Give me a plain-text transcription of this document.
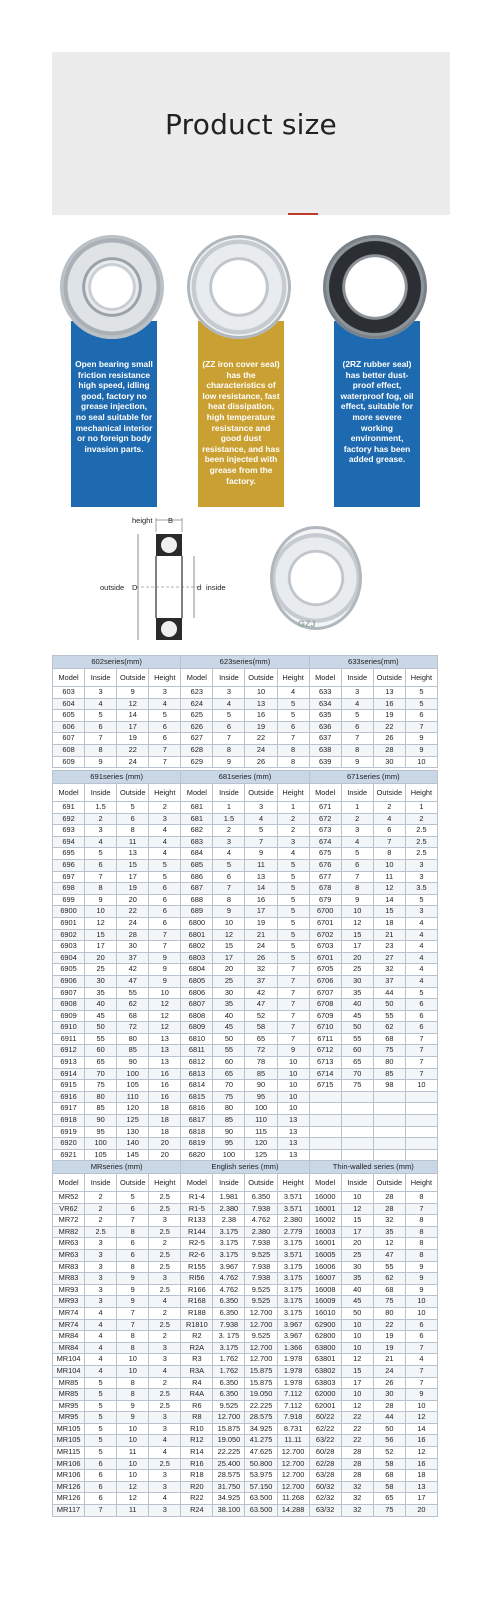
Product size

Open bearing small friction resistance high speed, idling good, factory no grease injection, no seal suitable for mechanical interior or no foreign body invasion parts.

(ZZ iron cover seal) has the characteristics of low resistance, fast heat dissipation, high temperature resistance and good dust resistance, and has been injected with grease from the factory.

(2RZ rubber seal) has better dust-proof effect, waterproof fog, oil effect, suitable for more severe working environment, factory has been added grease.

height B
outside D	d inside
GZJ
602series(mm)				623series(mm)				633series(mm)			
Model	Inside	Outside	Height	Model	Inside	Outside	Height	Model	Inside	Outside	Height
603	3	9	3	623	3	10	4	633	3	13	5
604	4	12	4	624	4	13	5	634	4	16	5
605	5	14	5	625	5	16	5	635	5	19	6
606	6	17	6	626	6	19	6	636	6	22	7
607	7	19	6	627	7	22	7	637	7	26	9
608	8	22	7	628	8	24	8	638	8	28	9
609	9	24	7	629	9	26	8	639	9	30	10
691series (mm)				681series (mm)				671series (mm)			
Model	Inside	Outside	Height	Model	Inside	Outside	Height	Model	Inside	Outside	Height
691	1.5	5	2	681	1	3	1	671	1	2	1
692	2	6	3	681	1.5	4	2	672	2	4	2
693	3	8	4	682	2	5	2	673	3	6	2.5
694	4	11	4	683	3	7	3	674	4	7	2.5
695	5	13	4	684	4	9	4	675	5	8	2.5
696	6	15	5	685	5	11	5	676	6	10	3
697	7	17	5	686	6	13	5	677	7	11	3
698	8	19	6	687	7	14	5	678	8	12	3.5
699	9	20	6	688	8	16	5	679	9	14	5
6900	10	22	6	689	9	17	5	6700	10	15	3
6901	12	24	6	6800	10	19	5	6701	12	18	4
6902	15	28	7	6801	12	21	5	6702	15	21	4
6903	17	30	7	6802	15	24	5	6703	17	23	4
6904	20	37	9	6803	17	26	5	6701	20	27	4
6905	25	42	9	6804	20	32	7	6705	25	32	4
6906	30	47	9	6805	25	37	7	6706	30	37	4
6907	35	55	10	6806	30	42	7	6707	35	44	5
6908	40	62	12	6807	35	47	7	6708	40	50	6
6909	45	68	12	6808	40	52	7	6709	45	55	6
6910	50	72	12	6809	45	58	7	6710	50	62	6
6911	55	80	13	6810	50	65	7	6711	55	68	7
6912	60	85	13	6811	55	72	9	6712	60	75	7
6913	65	90	13	6812	60	78	10	6713	65	80	7
6914	70	100	16	6813	65	85	10	6714	70	85	7
6915	75	105	16	6814	70	90	10	6715	75	98	10
6916	80	110	16	6815	75	95	10				
6917	85	120	18	6816	80	100	10				
6918	90	125	18	6817	85	110	13				
6919	95	130	18	6818	90	115	13				
6920	100	140	20	6819	95	120	13				
6921	105	145	20	6820	100	125	13				
MRseries (mm)				English series (mm)				Thin-walled series (mm)			
Model	Inside	Outside	Height	Model	Inside	Outside	Height	Model	Inside	Outside	Height
MR52	2	5	2.5	R1-4	1.981	6.350	3.571	16000	10	28	8
VR62	2	6	2.5	R1-5	2.380	7.938	3.571	16001	12	28	7
MR72	2	7	3	R133	2.38	4.762	2.380	16002	15	32	8
MR82	2.5	8	2.5	R144	3.175	2.380	2.779	16003	17	35	8
MR63	3	6	2	R2-5	3.175	7.938	3.175	16001	20	12	8
MR63	3	6	2.5	R2-6	3.175	9.525	3.571	16005	25	47	8
MR83	3	8	2.5	R155	3.967	7.938	3.175	16006	30	55	9
MR83	3	9	3	RI56	4.762	7.938	3.175	16007	35	62	9
MR93	3	9	2.5	R166	4.762	9.525	3.175	16008	40	68	9
MR93	3	9	4	R168	6.350	9.525	3.175	16009	45	75	10
MR74	4	7	2	R188	6.350	12.700	3.175	16010	50	80	10
MR74	4	7	2.5	R1810	7.938	12.700	3.967	62900	10	22	6
MR84	4	8	2	R2	3. 175	9.525	3.967	62800	10	19	6
MR84	4	8	3	R2A	3.175	12.700	1.366	63800	10	19	7
MR104	4	10	3	R3	1.762	12.700	1.978	63801	12	21	4
MR104	4	10	4	R3A	1.762	15.875	1.978	63802	15	24	7
MR85	5	8	2	R4	6.350	15.875	1.978	63803	17	26	7
MR85	5	8	2.5	R4A	6.350	19.050	7.112	62000	10	30	9
MR95	5	9	2.5	R6	9.525	22.225	7.112	62001	12	28	10
MR95	5	9	3	R8	12.700	28.575	7.918	60/22	22	44	12
MR105	5	10	3	R10	15.875	34.925	8.731	62/22	22	50	14
MR105	5	10	4	R12	19.050	41.275	11.11	63/22	22	56	16
MR115	5	11	4	R14	22.225	47.625	12.700	60/28	28	52	12
MR106	6	10	2.5	R16	25.400	50.800	12.700	62/28	28	58	16
MR106	6	10	3	R18	28.575	53.975	12.700	63/28	28	68	18
MR126	6	12	3	R20	31.750	57.150	12.700	60/32	32	58	13
MR126	6	12	4	R22	34.925	63.500	11.268	62/32	32	65	17
MR117	7	11	3	R24	38.100	63.500	14.288	63/32	32	75	20
